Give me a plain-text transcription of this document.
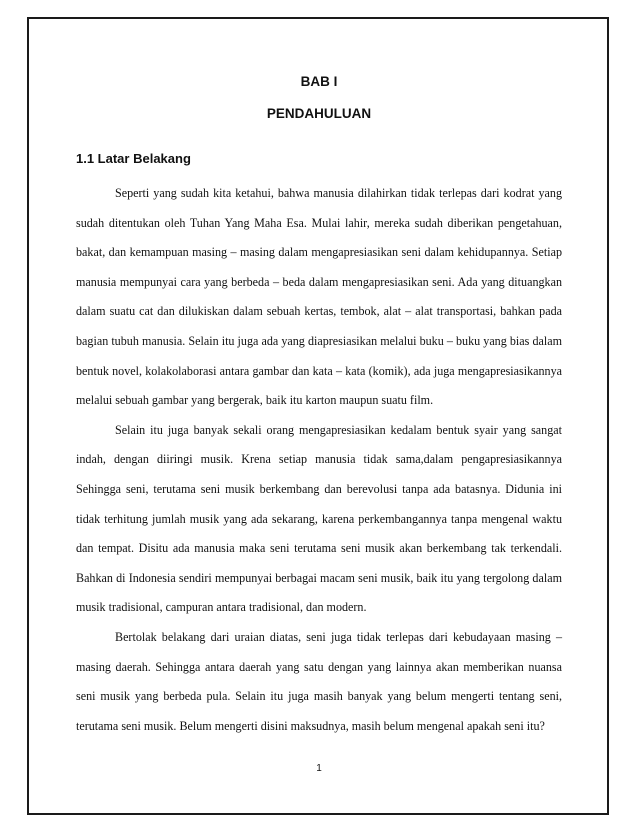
BAB I
PENDAHULUAN
1.1 Latar Belakang

Seperti yang sudah kita ketahui, bahwa manusia dilahirkan tidak terlepas dari kodrat yang sudah ditentukan oleh Tuhan Yang Maha Esa. Mulai lahir, mereka sudah diberikan pengetahuan, bakat, dan kemampuan masing – masing dalam mengapresiasikan seni dalam kehidupannya. Setiap manusia mempunyai cara yang berbeda – beda dalam mengapresiasikan seni. Ada yang dituangkan dalam suatu cat dan dilukiskan dalam sebuah kertas, tembok, alat – alat transportasi, bahkan pada bagian tubuh manusia. Selain itu juga ada yang diapresiasikan melalui buku – buku yang bias dalam bentuk novel, kolakolaborasi antara gambar dan kata – kata (komik), ada juga mengapresiasikannya melalui sebuah gambar yang bergerak, baik itu karton maupun suatu film.

Selain itu juga banyak sekali orang mengapresiasikan kedalam bentuk syair yang sangat indah, dengan diiringi musik. Krena setiap manusia tidak sama,dalam pengapresiasikannya Sehingga seni, terutama seni musik berkembang dan berevolusi tanpa ada batasnya. Didunia ini tidak terhitung jumlah musik yang ada sekarang, karena perkembangannya tanpa mengenal waktu dan tempat. Disitu ada manusia maka seni terutama seni musik akan berkembang tak terkendali. Bahkan di Indonesia sendiri mempunyai berbagai macam seni musik, baik itu yang tergolong dalam musik tradisional, campuran antara tradisional, dan modern.

Bertolak belakang dari uraian diatas, seni juga tidak terlepas dari kebudayaan masing – masing daerah. Sehingga antara daerah yang satu dengan yang lainnya akan memberikan nuansa seni musik yang berbeda pula. Selain itu juga masih banyak yang belum mengerti tentang seni, terutama seni musik. Belum mengerti disini maksudnya, masih belum mengenal apakah seni itu?

1
